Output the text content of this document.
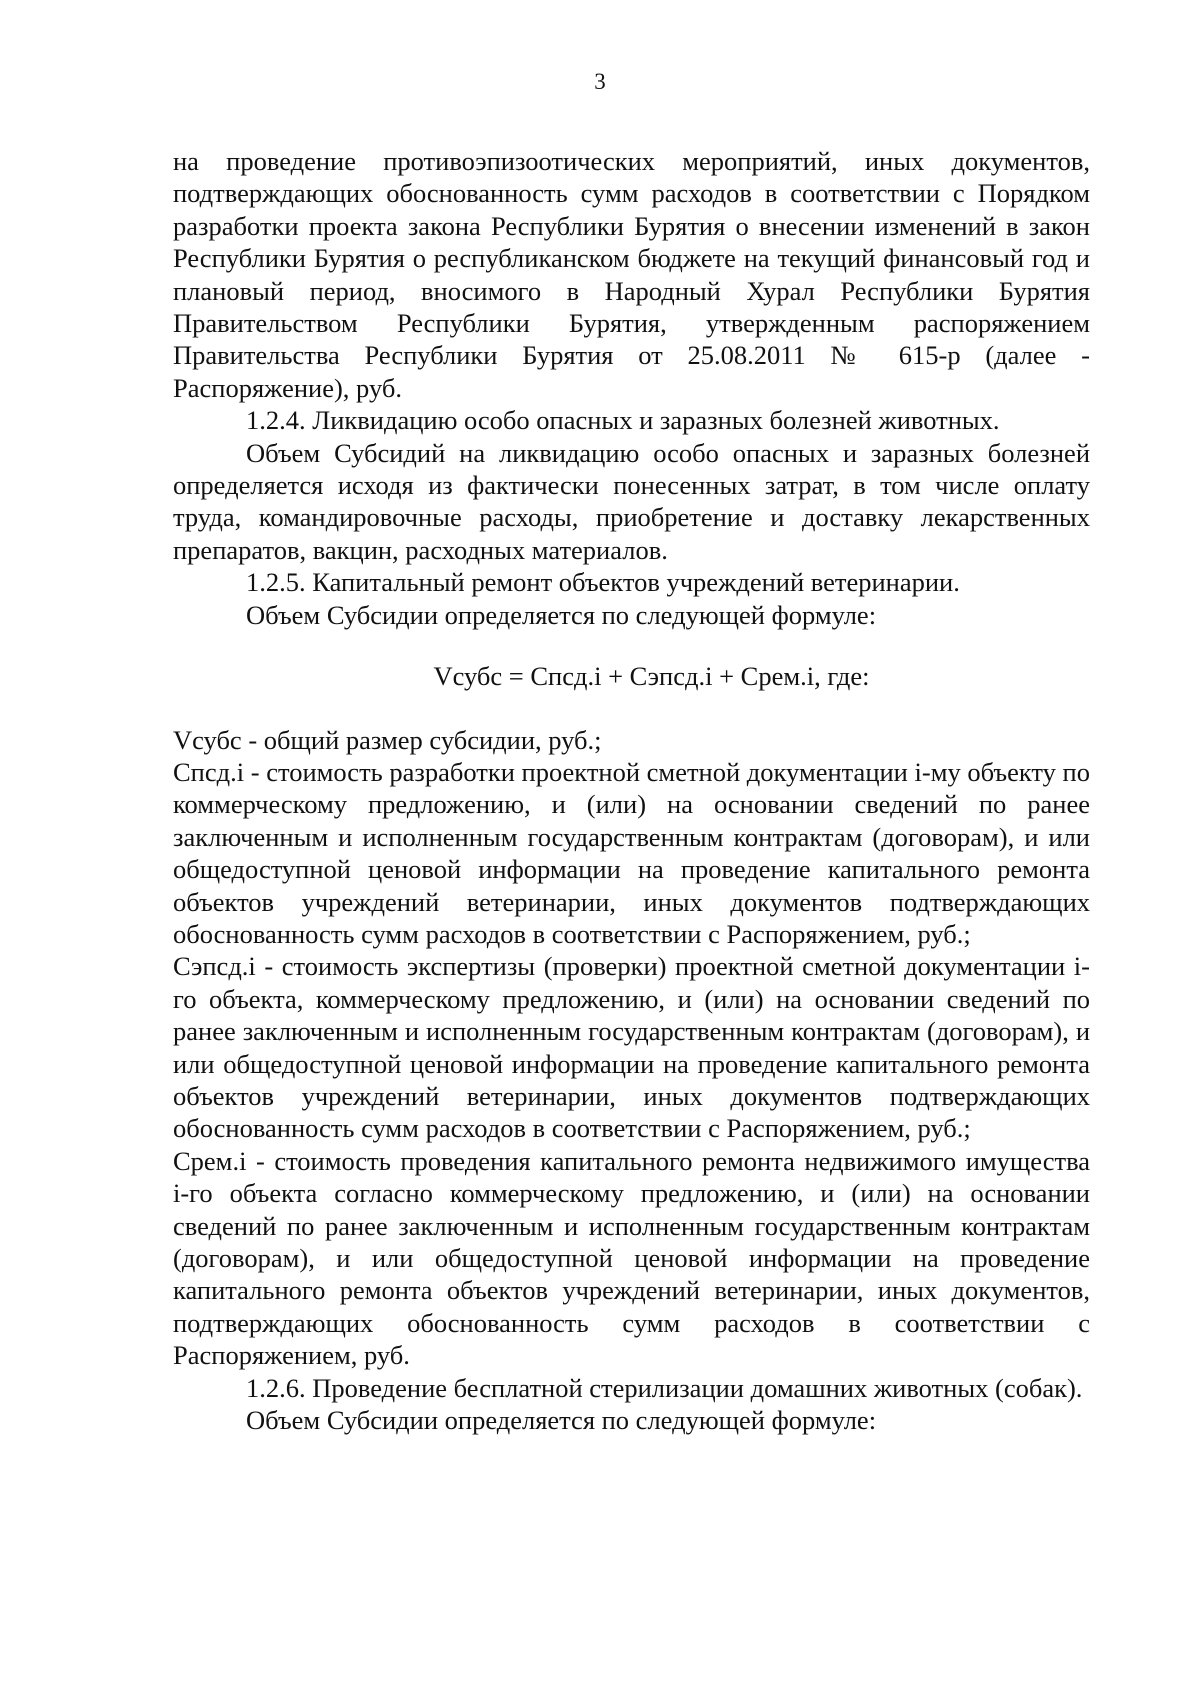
3

на проведение противоэпизоотических мероприятий, иных документов, подтверждающих обоснованность сумм расходов в соответствии с Порядком разработки проекта закона Республики Бурятия о внесении изменений в закон Республики Бурятия о республиканском бюджете на текущий финансовый год и плановый период, вносимого в Народный Хурал Республики Бурятия Правительством Республики Бурятия, утвержденным распоряжением Правительства Республики Бурятия от 25.08.2011 № 615-р (далее - Распоряжение), руб.

1.2.4. Ликвидацию особо опасных и заразных болезней животных.

Объем Субсидий на ликвидацию особо опасных и заразных болезней определяется исходя из фактически понесенных затрат, в том числе оплату труда, командировочные расходы, приобретение и доставку лекарственных препаратов, вакцин, расходных материалов.

1.2.5. Капитальный ремонт объектов учреждений ветеринарии.

Объем Субсидии определяется по следующей формуле:

Vсубс = Спсд.i + Сэпсд.i + Срем.i, где:

Vсубс - общий размер субсидии, руб.;

Спсд.i - стоимость разработки проектной сметной документации i-му объекту по коммерческому предложению, и (или) на основании сведений по ранее заключенным и исполненным государственным контрактам (договорам), и или общедоступной ценовой информации на проведение капитального ремонта объектов учреждений ветеринарии, иных документов подтверждающих обоснованность сумм расходов в соответствии с Распоряжением, руб.;

Сэпсд.i - стоимость экспертизы (проверки) проектной сметной документации i-го объекта, коммерческому предложению, и (или) на основании сведений по ранее заключенным и исполненным государственным контрактам (договорам), и или общедоступной ценовой информации на проведение капитального ремонта объектов учреждений ветеринарии, иных документов подтверждающих обоснованность сумм расходов в соответствии с Распоряжением, руб.;

Срем.i - стоимость проведения капитального ремонта недвижимого имущества i-го объекта согласно коммерческому предложению, и (или) на основании сведений по ранее заключенным и исполненным государственным контрактам (договорам), и или общедоступной ценовой информации на проведение капитального ремонта объектов учреждений ветеринарии, иных документов, подтверждающих обоснованность сумм расходов в соответствии с Распоряжением, руб.

1.2.6. Проведение бесплатной стерилизации домашних животных (собак).

Объем Субсидии определяется по следующей формуле:
